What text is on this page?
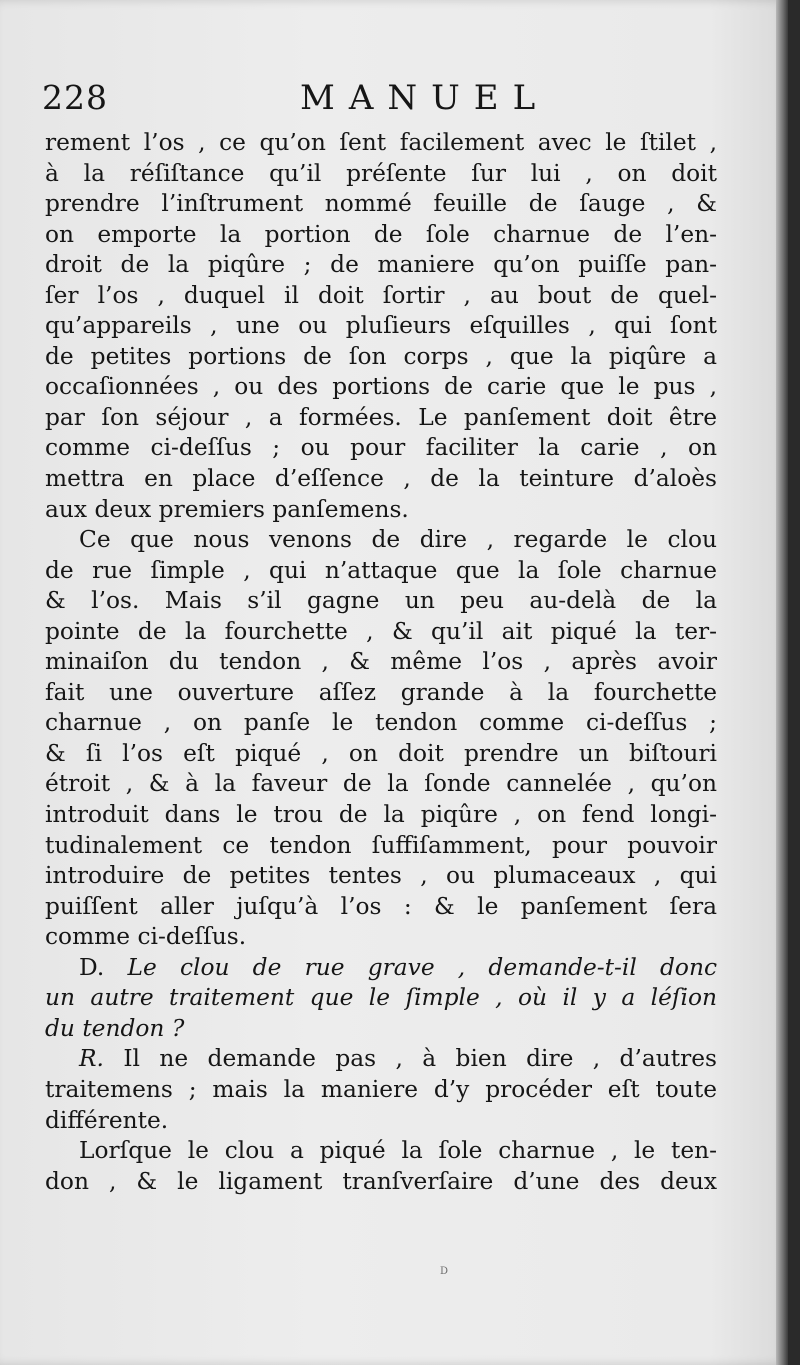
228	MANUEL
rement l’os , ce qu’on ſent facilement avec le ſtilet ,
à la réſiſtance qu’il préſente ſur lui , on doit
prendre l’inſtrument nommé feuille de ſauge , &
on emporte la portion de ſole charnue de l’en-
droit de la piqûre ; de maniere qu’on puiſſe pan-
ſer l’os , duquel il doit ſortir , au bout de quel-
qu’appareils , une ou pluſieurs eſquilles , qui ſont
de petites portions de ſon corps , que la piqûre a
occaſionnées , ou des portions de carie que le pus ,
par ſon séjour , a formées. Le panſement doit être
comme ci-deſſus ; ou pour faciliter la carie , on
mettra en place d’eſſence , de la teinture d’aloès
aux deux premiers panſemens.
Ce que nous venons de dire , regarde le clou
de rue ſimple , qui n’attaque que la ſole charnue
& l’os. Mais s’il gagne un peu au-delà de la
pointe de la fourchette , & qu’il ait piqué la ter-
minaiſon du tendon , & même l’os , après avoir
fait une ouverture aſſez grande à la fourchette
charnue , on panſe le tendon comme ci-deſſus ;
& ſi l’os eſt piqué , on doit prendre un biſtouri
étroit , & à la faveur de la ſonde cannelée , qu’on
introduit dans le trou de la piqûre , on fend longi-
tudinalement ce tendon ſuffiſamment, pour pouvoir
introduire de petites tentes , ou plumaceaux , qui
puiſſent aller juſqu’à l’os : & le panſement ſera
comme ci-deſſus.
D. Le clou de rue grave , demande-t-il donc
un autre traitement que le ſimple , où il y a léſion
du tendon ?
R. Il ne demande pas , à bien dire , d’autres
traitemens ; mais la maniere d’y procéder eſt toute
différente.
Lorſque le clou a piqué la ſole charnue , le ten-
don , & le ligament tranſverſaire d’une des deux
D
